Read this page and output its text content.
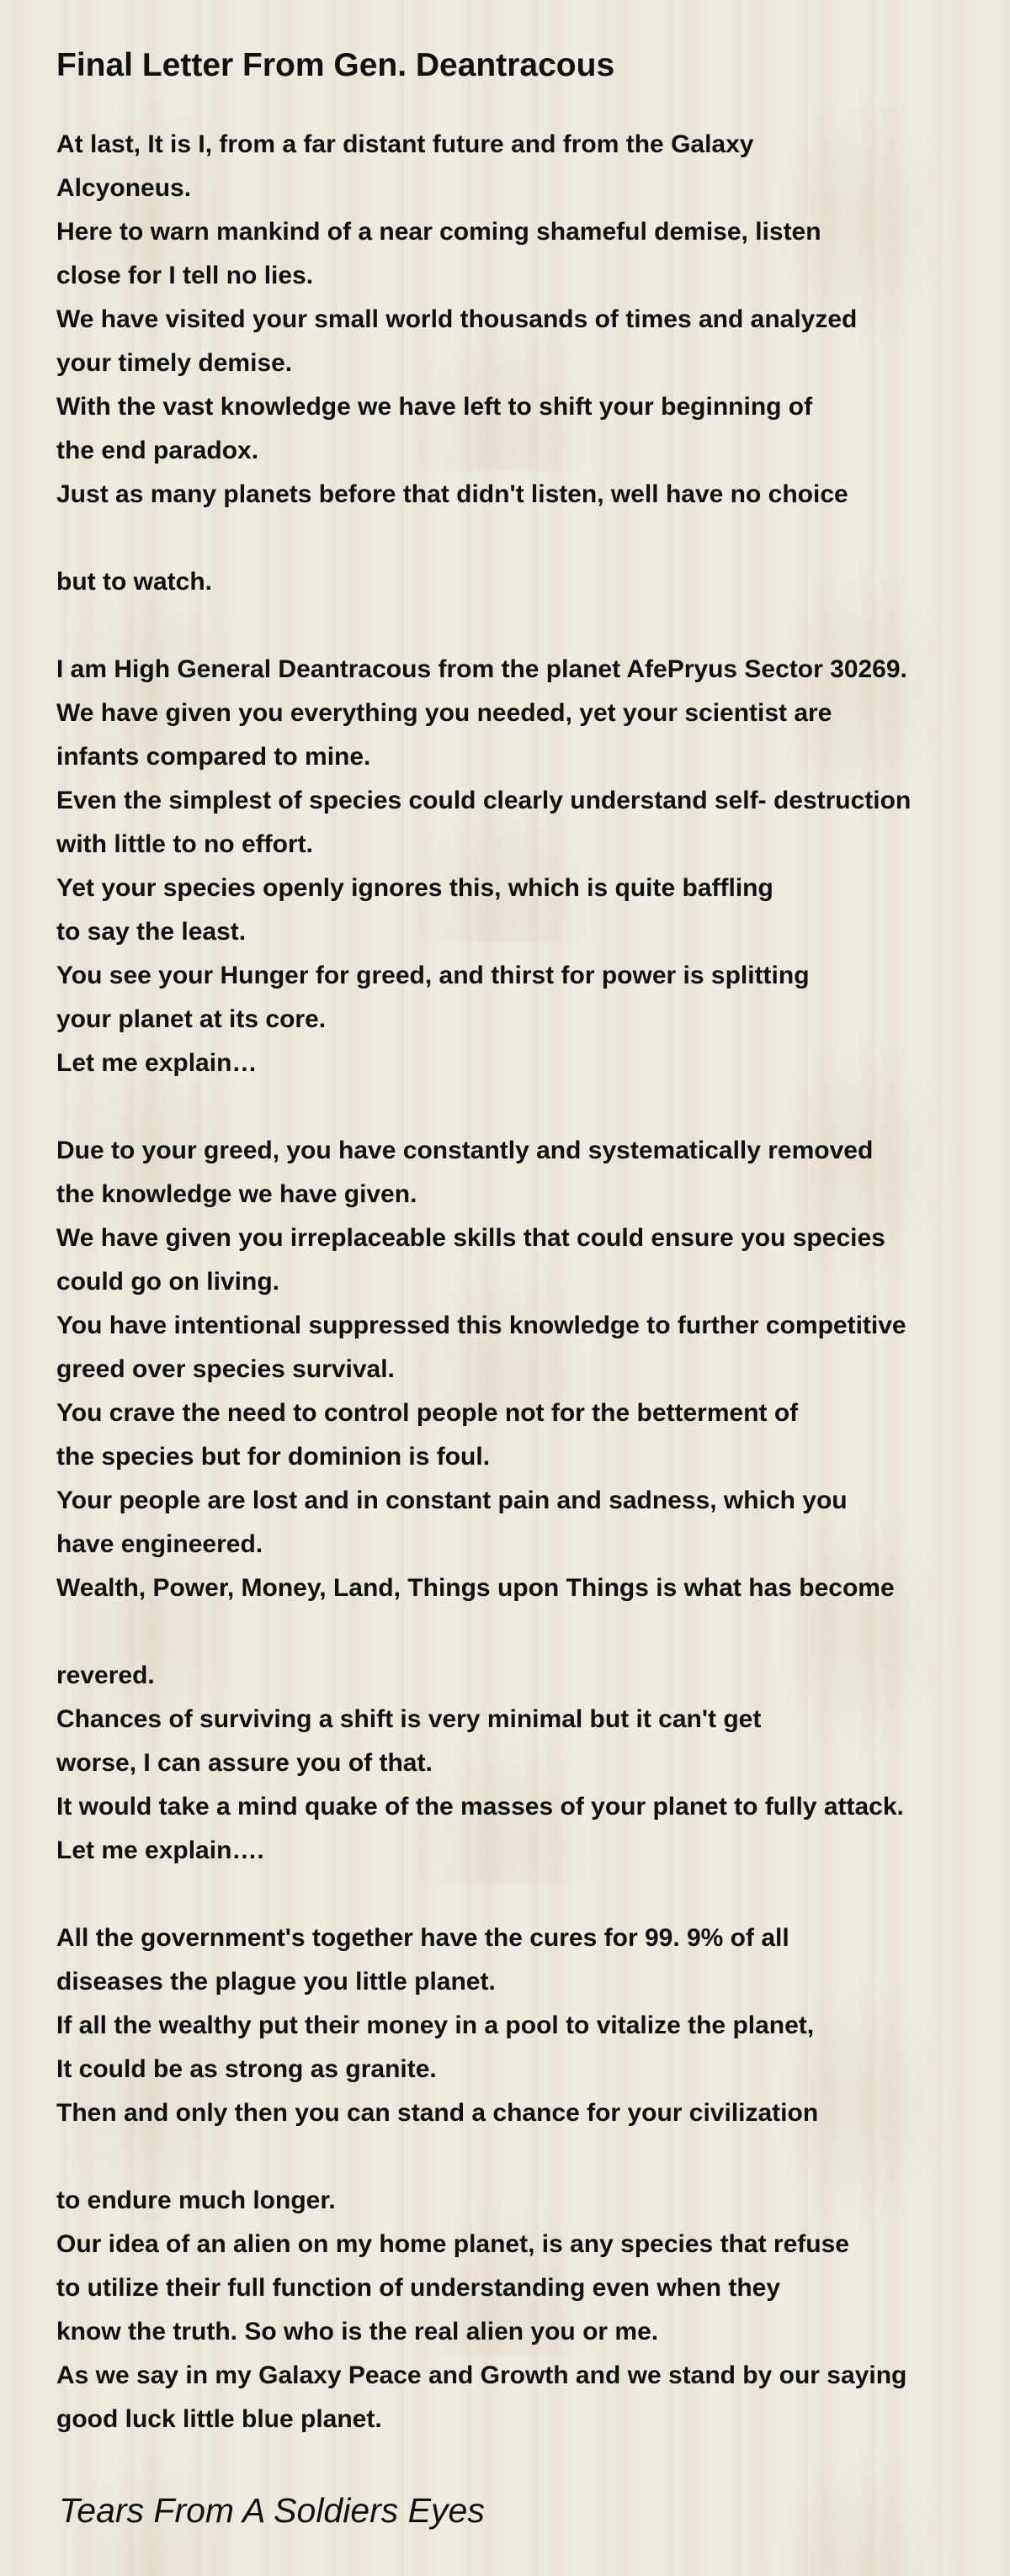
Final Letter From Gen. Deantracous
At last, It is I, from a far distant future and from the Galaxy
Alcyoneus.
Here to warn mankind of a near coming shameful demise, listen
close for I tell no lies.
We have visited your small world thousands of times and analyzed
your timely demise.
With the vast knowledge we have left to shift your beginning of
the end paradox.
Just as many planets before that didn't listen, well have no choice
but to watch.
I am High General Deantracous from the planet AfePryus Sector 30269.
We have given you everything you needed, yet your scientist are
infants compared to mine.
Even the simplest of species could clearly understand self- destruction
with little to no effort.
Yet your species openly ignores this, which is quite baffling
to say the least.
You see your Hunger for greed, and thirst for power is splitting
your planet at its core.
Let me explain…
Due to your greed, you have constantly and systematically removed
the knowledge we have given.
We have given you irreplaceable skills that could ensure you species
could go on living.
You have intentional suppressed this knowledge to further competitive
greed over species survival.
You crave the need to control people not for the betterment of
the species but for dominion is foul.
Your people are lost and in constant pain and sadness, which you
have engineered.
Wealth, Power, Money, Land, Things upon Things is what has become
revered.
Chances of surviving a shift is very minimal but it can't get
worse, I can assure you of that.
It would take a mind quake of the masses of your planet to fully attack.
Let me explain….
All the government's together have the cures for 99. 9% of all
diseases the plague you little planet.
If all the wealthy put their money in a pool to vitalize the planet,
It could be as strong as granite.
Then and only then you can stand a chance for your civilization
to endure much longer.
Our idea of an alien on my home planet, is any species that refuse
to utilize their full function of understanding even when they
know the truth. So who is the real alien you or me.
As we say in my Galaxy Peace and Growth and we stand by our saying
good luck little blue planet.

Tears From A Soldiers Eyes
